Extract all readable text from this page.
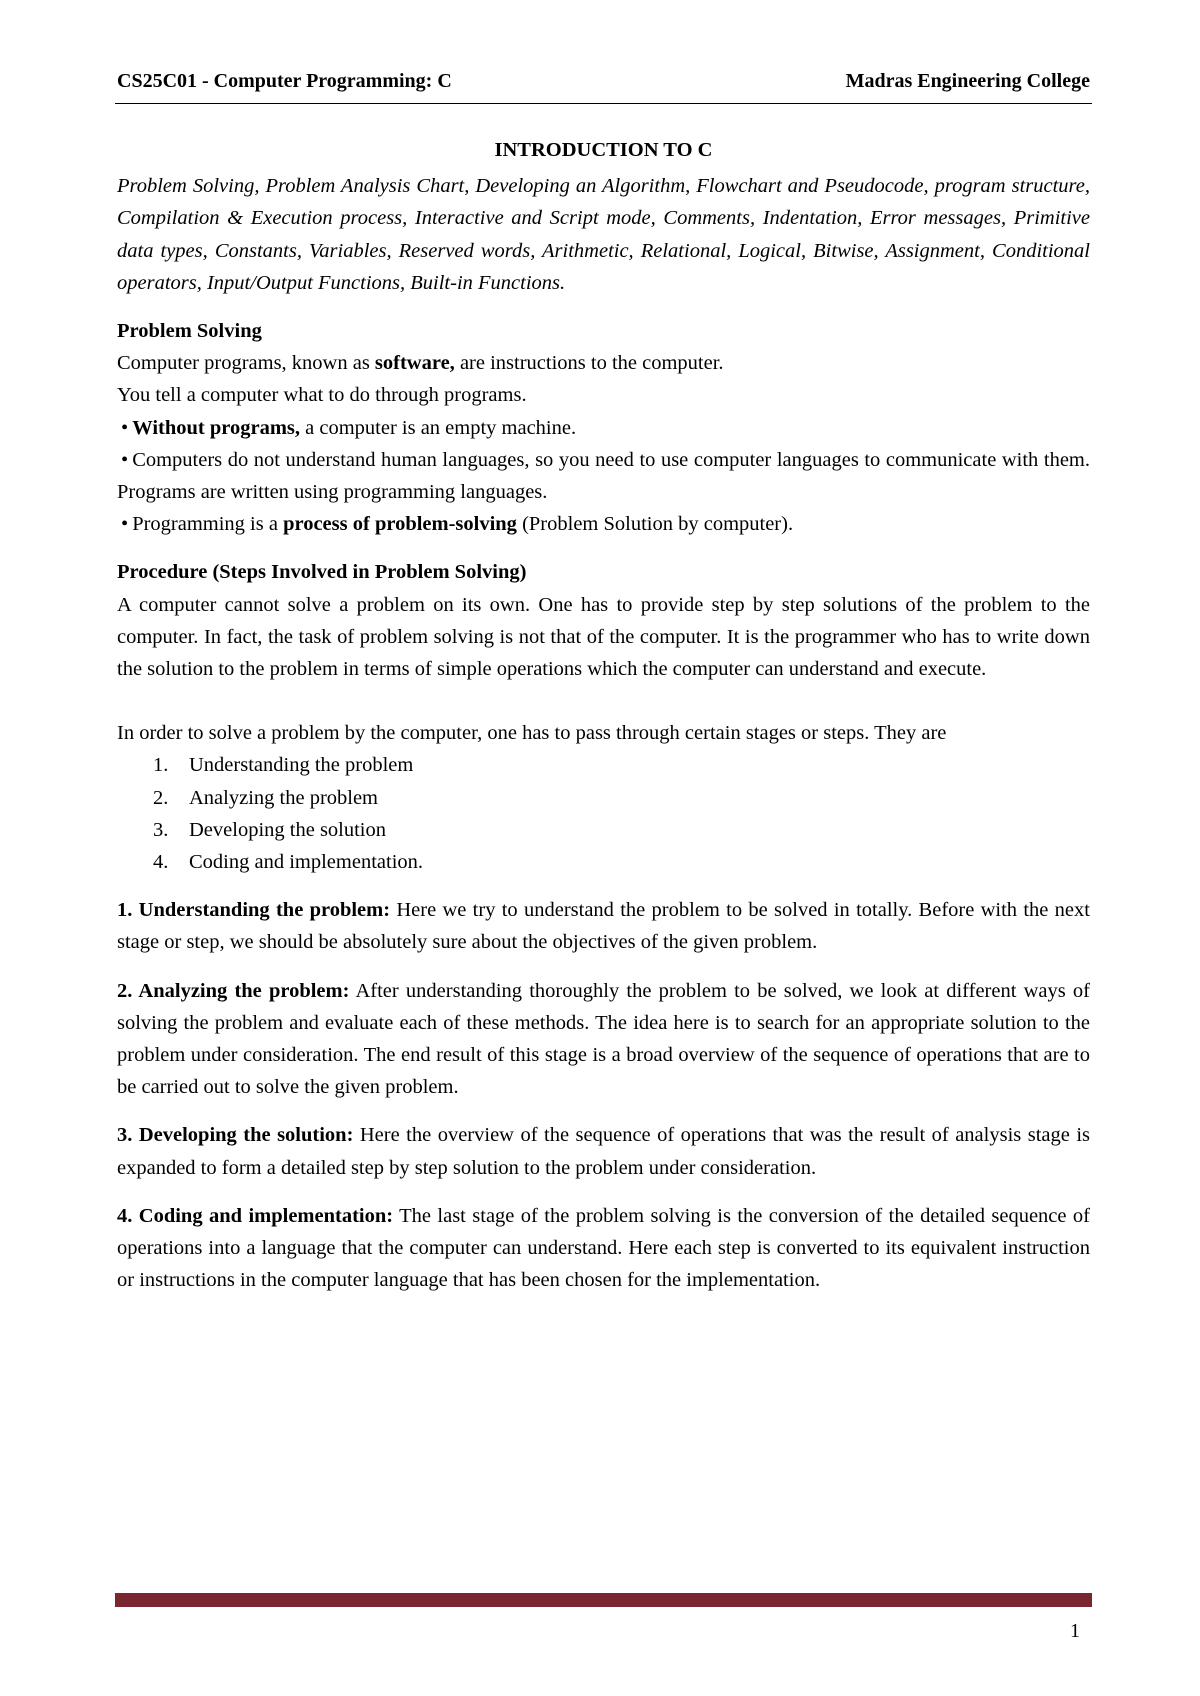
CS25C01 - Computer Programming: C	Madras Engineering College

INTRODUCTION TO C

Problem Solving, Problem Analysis Chart, Developing an Algorithm, Flowchart and Pseudocode, program structure, Compilation & Execution process, Interactive and Script mode, Comments, Indentation, Error messages, Primitive data types, Constants, Variables, Reserved words, Arithmetic, Relational, Logical, Bitwise, Assignment, Conditional operators, Input/Output Functions, Built-in Functions.

Problem Solving

Computer programs, known as software, are instructions to the computer.

You tell a computer what to do through programs.

• Without programs, a computer is an empty machine.

• Computers do not understand human languages, so you need to use computer languages to communicate with them. Programs are written using programming languages.

• Programming is a process of problem-solving (Problem Solution by computer).

Procedure (Steps Involved in Problem Solving)

A computer cannot solve a problem on its own. One has to provide step by step solutions of the problem to the computer. In fact, the task of problem solving is not that of the computer. It is the programmer who has to write down the solution to the problem in terms of simple operations which the computer can understand and execute.

In order to solve a problem by the computer, one has to pass through certain stages or steps. They are

1. Understanding the problem
2. Analyzing the problem
3. Developing the solution
4. Coding and implementation.

1. Understanding the problem: Here we try to understand the problem to be solved in totally. Before with the next stage or step, we should be absolutely sure about the objectives of the given problem.

2. Analyzing the problem: After understanding thoroughly the problem to be solved, we look at different ways of solving the problem and evaluate each of these methods. The idea here is to search for an appropriate solution to the problem under consideration. The end result of this stage is a broad overview of the sequence of operations that are to be carried out to solve the given problem.

3. Developing the solution: Here the overview of the sequence of operations that was the result of analysis stage is expanded to form a detailed step by step solution to the problem under consideration.

4. Coding and implementation: The last stage of the problem solving is the conversion of the detailed sequence of operations into a language that the computer can understand. Here each step is converted to its equivalent instruction or instructions in the computer language that has been chosen for the implementation.

1
